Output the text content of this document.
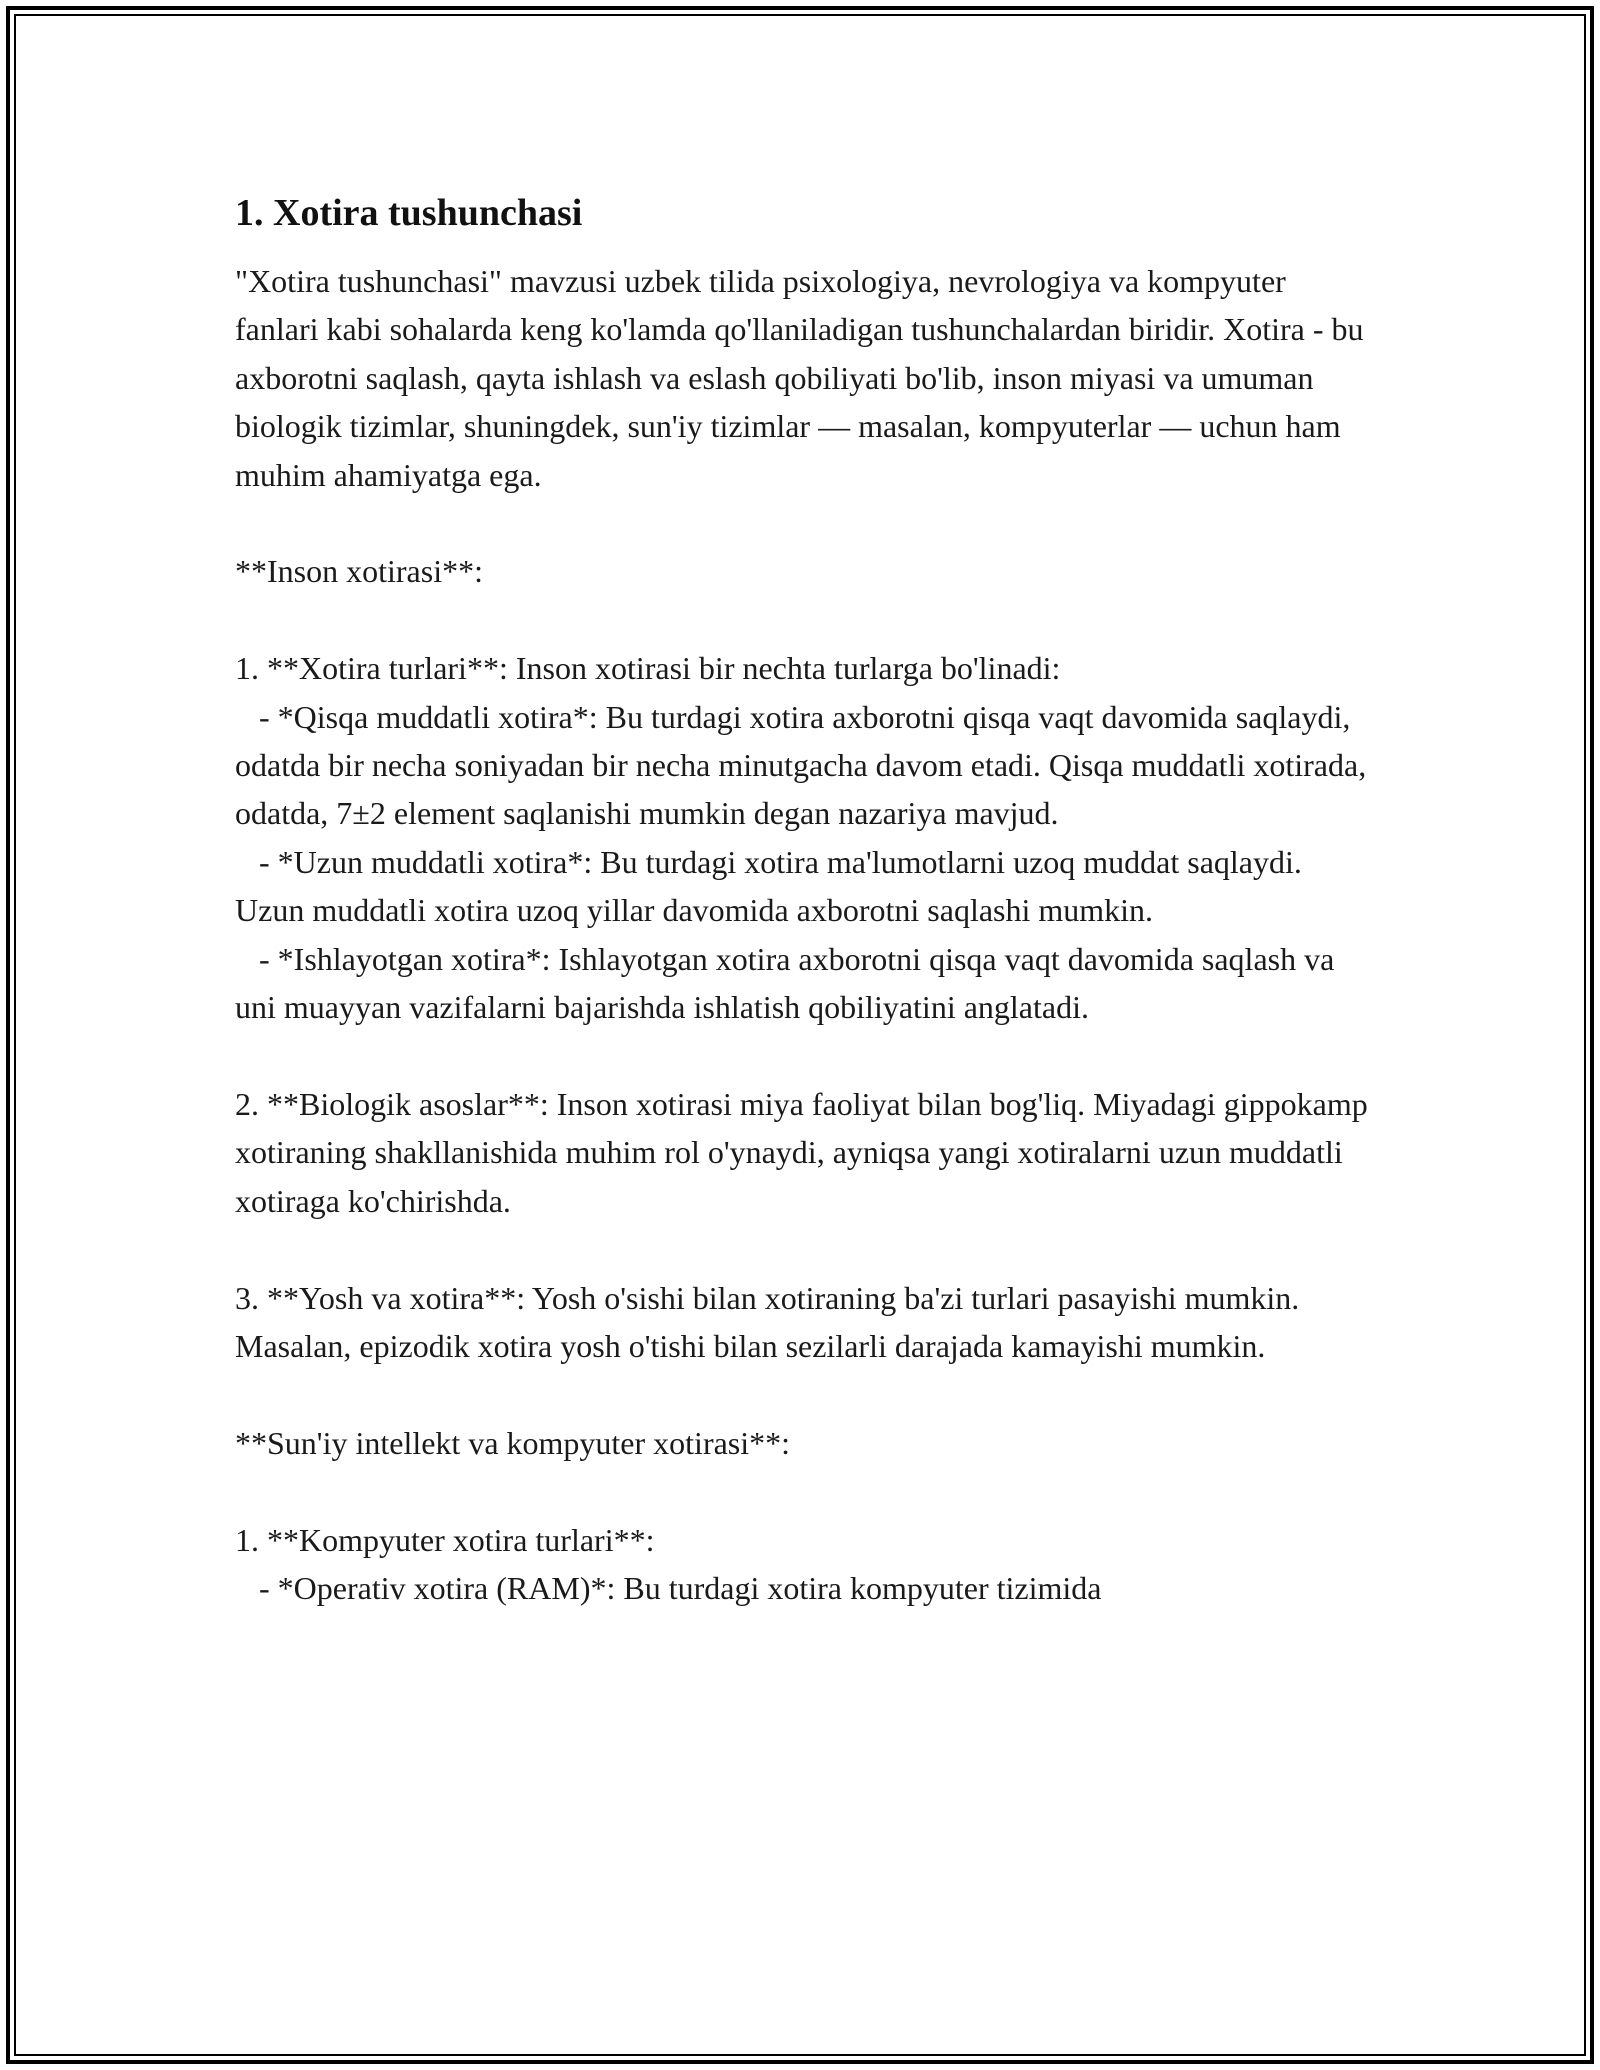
1. Xotira tushunchasi
"Xotira tushunchasi" mavzusi uzbek tilida psixologiya, nevrologiya va kompyuter fanlari kabi sohalarda keng ko'lamda qo'llaniladigan tushunchalardan biridir. Xotira - bu axborotni saqlash, qayta ishlash va eslash qobiliyati bo'lib, inson miyasi va umuman biologik tizimlar, shuningdek, sun'iy tizimlar — masalan, kompyuterlar — uchun ham muhim ahamiyatga ega.

**Inson xotirasi**:

1. **Xotira turlari**: Inson xotirasi bir nechta turlarga bo'linadi:
- *Qisqa muddatli xotira*: Bu turdagi xotira axborotni qisqa vaqt davomida saqlaydi, odatda bir necha soniyadan bir necha minutgacha davom etadi. Qisqa muddatli xotirada, odatda, 7±2 element saqlanishi mumkin degan nazariya mavjud.
- *Uzun muddatli xotira*: Bu turdagi xotira ma'lumotlarni uzoq muddat saqlaydi. Uzun muddatli xotira uzoq yillar davomida axborotni saqlashi mumkin.
- *Ishlayotgan xotira*: Ishlayotgan xotira axborotni qisqa vaqt davomida saqlash va uni muayyan vazifalarni bajarishda ishlatish qobiliyatini anglatadi.

2. **Biologik asoslar**: Inson xotirasi miya faoliyat bilan bog'liq. Miyadagi gippokamp xotiraning shakllanishida muhim rol o'ynaydi, ayniqsa yangi xotiralarni uzun muddatli xotiraga ko'chirishda.

3. **Yosh va xotira**: Yosh o'sishi bilan xotiraning ba'zi turlari pasayishi mumkin. Masalan, epizodik xotira yosh o'tishi bilan sezilarli darajada kamayishi mumkin.

**Sun'iy intellekt va kompyuter xotirasi**:

1. **Kompyuter xotira turlari**:
- *Operativ xotira (RAM)*: Bu turdagi xotira kompyuter tizimida
